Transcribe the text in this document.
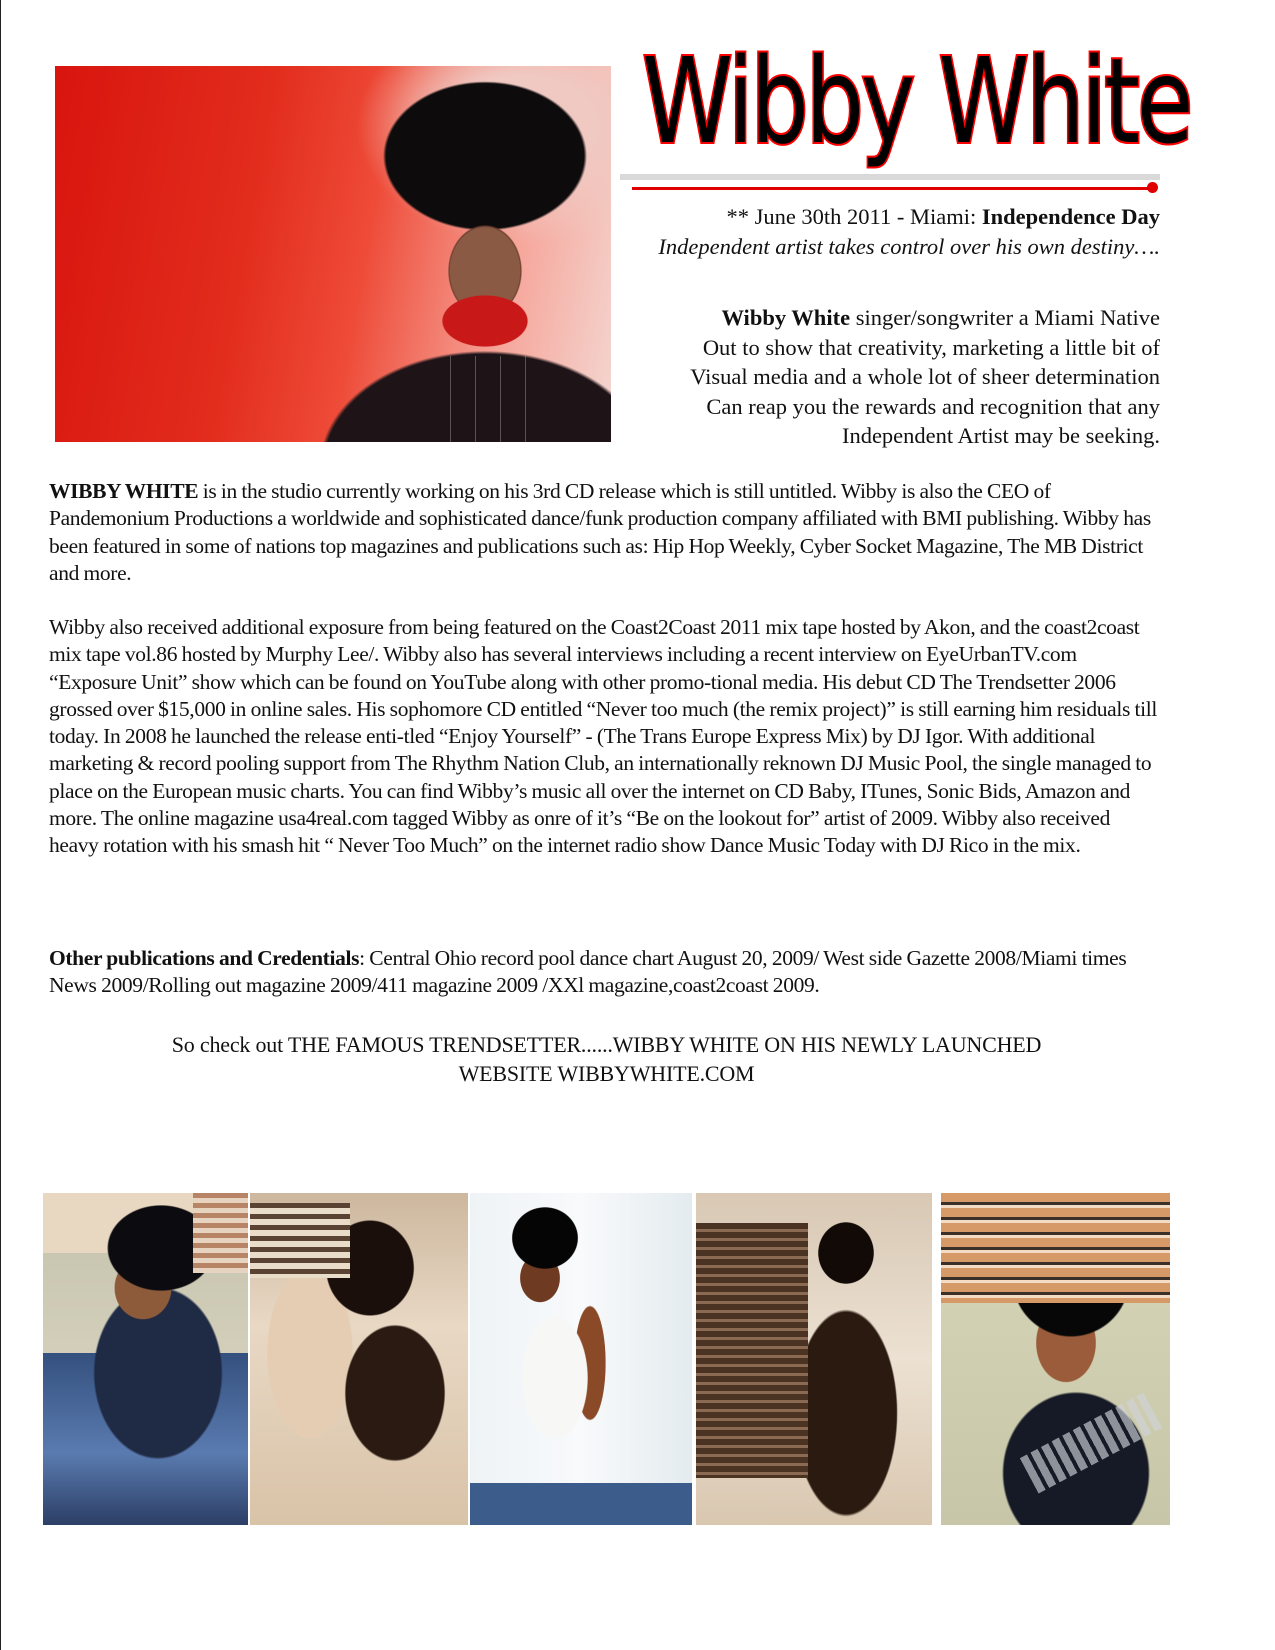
Wibby White
** June 30th 2011 - Miami: Independence Day
Independent artist takes control over his own destiny….
Wibby White singer/songwriter a Miami Native
Out to show that creativity, marketing a little bit of
Visual media and a whole lot of sheer determination
Can reap you the rewards and recognition that any
Independent Artist may be seeking.

WIBBY WHITE is in the studio currently working on his 3rd CD release which is still untitled. Wibby is also the CEO of Pandemonium Productions a worldwide and sophisticated dance/funk production company affiliated with BMI publishing. Wibby has been featured in some of nations top magazines and publications such as: Hip Hop Weekly, Cyber Socket Magazine, The MB District and more.

Wibby also received additional exposure from being featured on the Coast2Coast 2011 mix tape hosted by Akon, and the coast2coast mix tape vol.86 hosted by Murphy Lee/. Wibby also has several interviews including a recent interview on EyeUrbanTV.com “Exposure Unit” show which can be found on YouTube along with other promo-tional media. His debut CD The Trendsetter 2006 grossed over $15,000 in online sales. His sophomore CD entitled “Never too much (the remix project)” is still earning him residuals till today. In 2008 he launched the release enti-tled “Enjoy Yourself” - (The Trans Europe Express Mix) by DJ Igor. With additional marketing & record pooling support from The Rhythm Nation Club, an internationally reknown DJ Music Pool, the single managed to place on the European music charts. You can find Wibby’s music all over the internet on CD Baby, ITunes, Sonic Bids, Amazon and more. The online magazine usa4real.com tagged Wibby as onre of it’s “Be on the lookout for” artist of 2009. Wibby also received heavy rotation with his smash hit “ Never Too Much” on the internet radio show Dance Music Today with DJ Rico in the mix.

Other publications and Credentials: Central Ohio record pool dance chart August 20, 2009/ West side Gazette 2008/Miami times News 2009/Rolling out magazine 2009/411 magazine 2009 /XXl magazine,coast2coast 2009.

So check out THE FAMOUS TRENDSETTER......WIBBY WHITE ON HIS NEWLY LAUNCHED
WEBSITE WIBBYWHITE.COM
